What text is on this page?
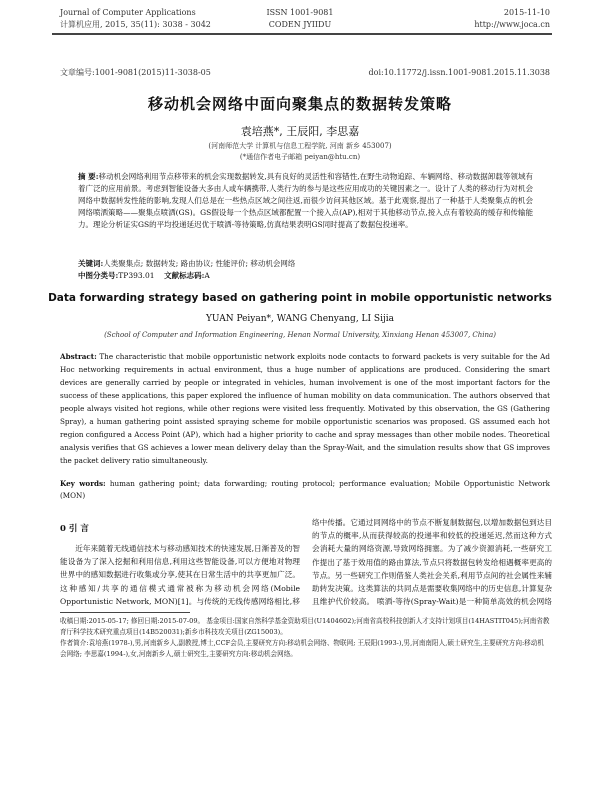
Journal of Computer Applications
计算机应用, 2015, 35(11): 3038 - 3042
ISSN 1001-9081
CODEN JYIIDU
2015-11-10
http://www.joca.cn
文章编号:1001-9081(2015)11-3038-05	doi:10.11772/j.issn.1001-9081.2015.11.3038
移动机会网络中面向聚集点的数据转发策略
袁培燕*, 王辰阳, 李思嘉
(河南师范大学 计算机与信息工程学院, 河南 新乡 453007)
(*通信作者电子邮箱 peiyan@htu.cn)
摘 要:移动机会网络利用节点移带来的机会实现数据转发,具有良好的灵活性和容错性,在野生动物追踪、车辆网络、移动数据卸载等领域有着广泛的应用前景。考虑到智能设备大多由人或车辆携带,人类行为的参与是这些应用成功的关键因素之一。设计了人类的移动行为对机会网络中数据转发性能的影响,发现人们总是在一些热点区域之间往返,而很少访问其他区域。基于此观察,提出了一种基于人类聚集点的机会网络喷洒策略——聚集点喷洒(GS)。GS假设每一个热点区域都配置一个接入点(AP),相对于其他移动节点,接入点有着较高的缓存和传输能力。理论分析证实GS的平均投递延迟优于喷洒-等待策略,仿真结果表明GS同时提高了数据包投递率。
关键词:人类聚集点; 数据转发; 路由协议; 性能评价; 移动机会网络
中图分类号:TP393.01 文献标志码:A
Data forwarding strategy based on gathering point in mobile opportunistic networks
YUAN Peiyan*, WANG Chenyang, LI Sijia
(School of Computer and Information Engineering, Henan Normal University, Xinxiang Henan 453007, China)
Abstract: The characteristic that mobile opportunistic network exploits node contacts to forward packets is very suitable for the Ad Hoc networking requirements in actual environment, thus a huge number of applications are produced. Considering the smart devices are generally carried by people or integrated in vehicles, human involvement is one of the most important factors for the success of these applications, this paper explored the influence of human mobility on data communication. The authors observed that people always visited hot regions, while other regions were visited less frequently. Motivated by this observation, the GS (Gathering Spray), a human gathering point assisted spraying scheme for mobile opportunistic scenarios was proposed. GS assumed each hot region configured a Access Point (AP), which had a higher priority to cache and spray messages than other mobile nodes. Theoretical analysis verifies that GS achieves a lower mean delivery delay than the Spray-Wait, and the simulation results show that GS improves the packet delivery ratio simultaneously.
Key words: human gathering point; data forwarding; routing protocol; performance evaluation; Mobile Opportunistic Network (MON)
0 引 言
近年来随着无线通信技术与移动感知技术的快速发展,日渐普及的智能设备为了深入挖掘和利用信息,利用这些智能设备,可以方便地对物理世界中的感知数据进行收集或分享,使其在日常生活中的共享更加广泛。这种感知/共享的通信模式通常被称为移动机会网络(Mobile Opportunistic Network, MON)[1]。与传统的无线传感网络相比,移
络中传播。它通过同网络中的节点不断复制数据包,以增加数据包到达目的节点的概率,从而获得较高的投递率和较低的投递延迟,然而这种方式会消耗大量的网络资源,导致网络拥塞。为了减少资源消耗,一些研究工作提出了基于效用值的路由算法,节点只将数据包转发给相遇概率更高的节点。另一些研究工作则借鉴人类社会关系,利用节点间的社会属性来辅助转发决策。这类算法的共同点是需要收集网络中的历史信息,计算复杂且维护代价较高。 喷洒-等待(Spray-Wait)是一种简单高效的机会网络
收稿日期:2015-05-17; 修回日期:2015-07-09。 基金项目:国家自然科学基金资助项目(U1404602);河南省高校科技创新人才支持计划项目(14HASTIT045);河南省教育厅科学技术研究重点项目(14B520031);新乡市科技攻关项目(ZG15003)。
作者简介:袁培燕(1978-),男,河南新乡人,副教授,博士,CCF会员,主要研究方向:移动机会网络、物联网; 王辰阳(1993-),男,河南南阳人,硕士研究生,主要研究方向:移动机会网络; 李思嘉(1994-),女,河南新乡人,硕士研究生,主要研究方向:移动机会网络。
